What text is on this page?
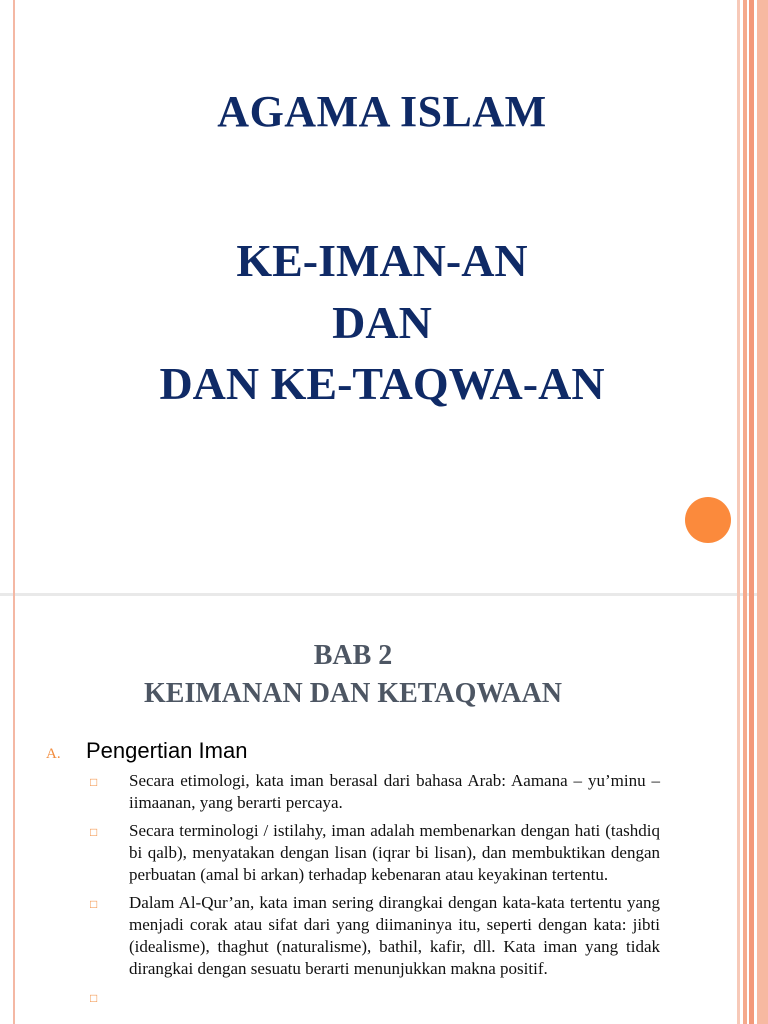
AGAMA ISLAM
KE-IMAN-AN
DAN
DAN KE-TAQWA-AN
BAB 2
KEIMANAN DAN KETAQWAAN
A.	Pengertian Iman
□ Secara etimologi, kata iman berasal dari bahasa Arab: Aamana – yu’minu – iimaanan, yang berarti percaya.
□ Secara terminologi / istilahy, iman adalah membenarkan dengan hati (tashdiq bi qalb), menyatakan dengan lisan (iqrar bi lisan), dan membuktikan dengan perbuatan (amal bi arkan) terhadap kebenaran atau keyakinan tertentu.
□ Dalam Al-Qur’an, kata iman sering dirangkai dengan kata-kata tertentu yang menjadi corak atau sifat dari yang diimaninya itu, seperti dengan kata: jibti (idealisme), thaghut (naturalisme), bathil, kafir, dll. Kata iman yang tidak dirangkai dengan sesuatu berarti menunjukkan makna positif.
□
